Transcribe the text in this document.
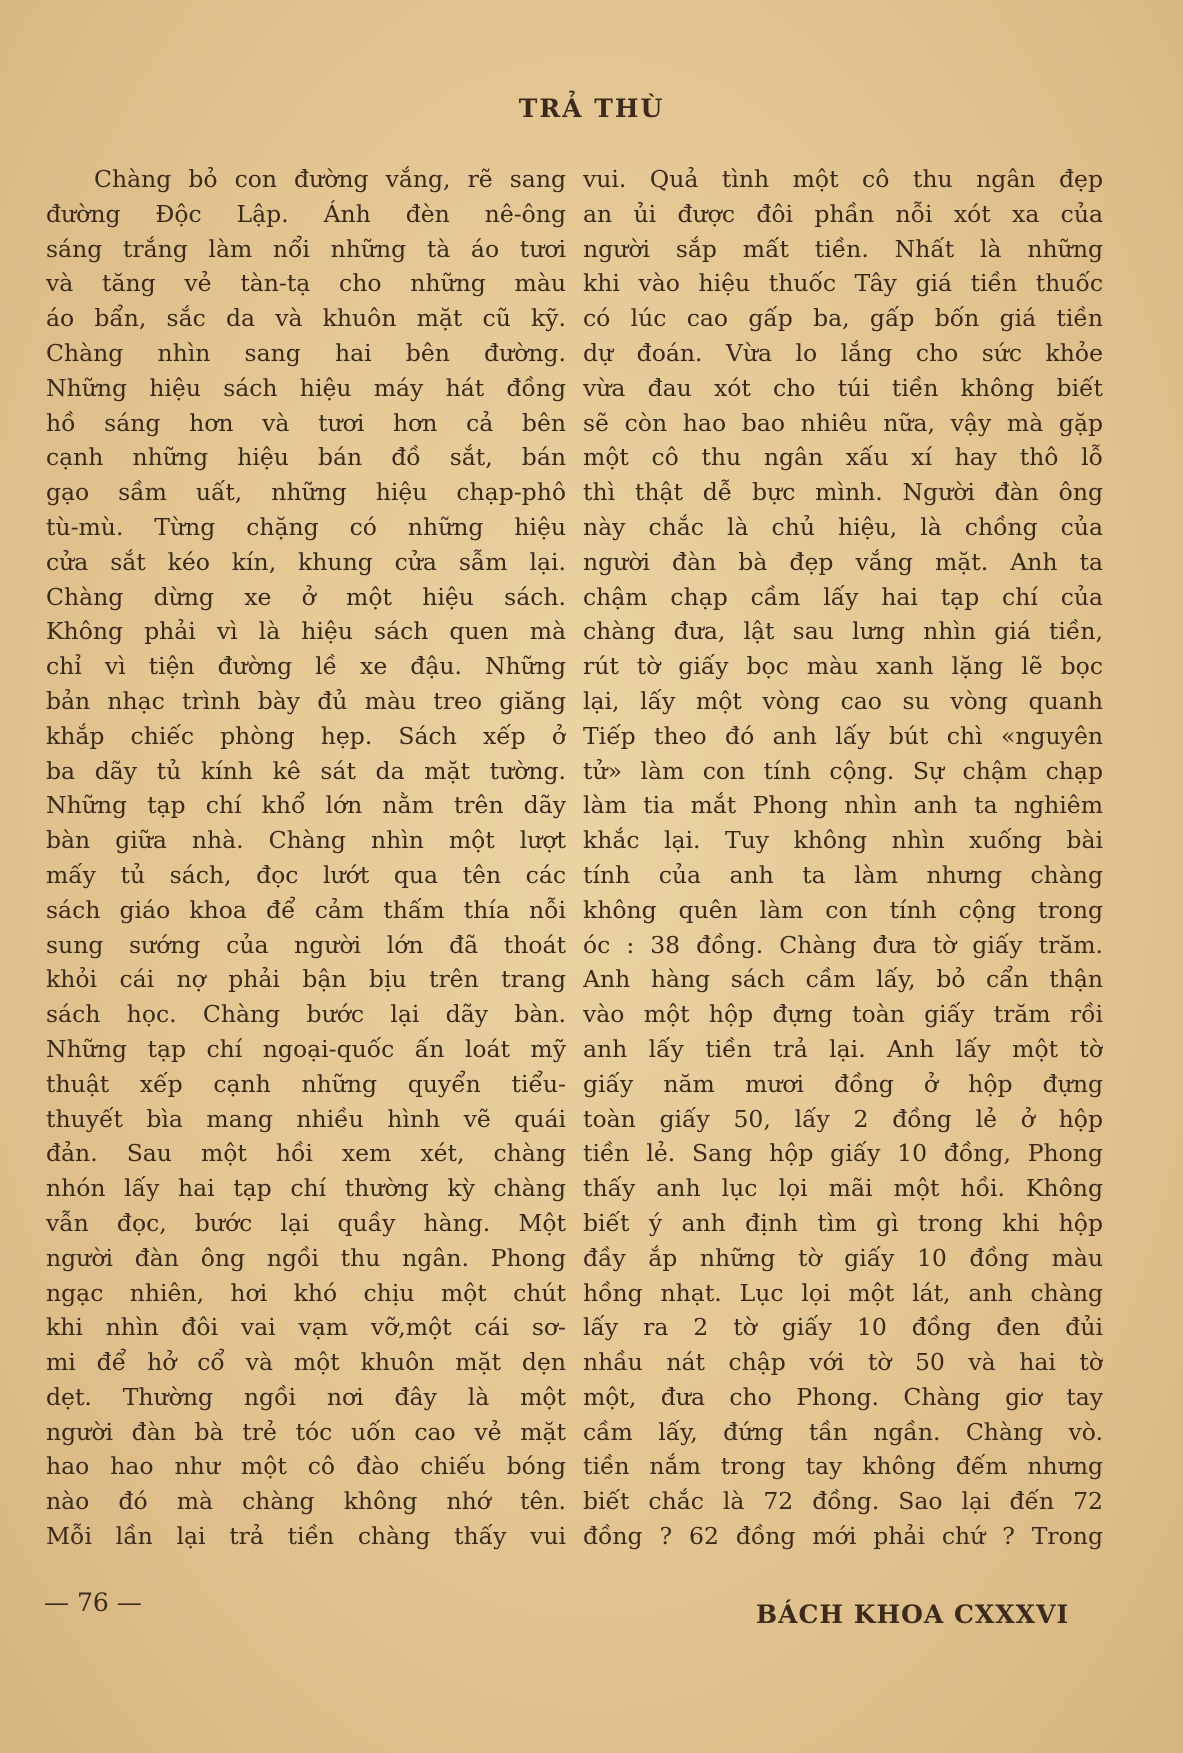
TRẢ THÙ
Chàng bỏ con đường vắng, rẽ sang
đường Độc Lập. Ánh đèn nê-ông
sáng trắng làm nổi những tà áo tươi
và tăng vẻ tàn-tạ cho những màu
áo bẩn, sắc da và khuôn mặt cũ kỹ.
Chàng nhìn sang hai bên đường.
Những hiệu sách hiệu máy hát đồng
hồ sáng hơn và tươi hơn cả bên
cạnh những hiệu bán đồ sắt, bán
gạo sầm uất, những hiệu chạp-phô
tù-mù. Từng chặng có những hiệu
cửa sắt kéo kín, khung cửa sẫm lại.
Chàng dừng xe ở một hiệu sách.
Không phải vì là hiệu sách quen mà
chỉ vì tiện đường lề xe đậu. Những
bản nhạc trình bày đủ màu treo giăng
khắp chiếc phòng hẹp. Sách xếp ở
ba dãy tủ kính kê sát da mặt tường.
Những tạp chí khổ lớn nằm trên dãy
bàn giữa nhà. Chàng nhìn một lượt
mấy tủ sách, đọc lướt qua tên các
sách giáo khoa để cảm thấm thía nỗi
sung sướng của người lớn đã thoát
khỏi cái nợ phải bận bịu trên trang
sách học. Chàng bước lại dãy bàn.
Những tạp chí ngoại-quốc ấn loát mỹ
thuật xếp cạnh những quyển tiểu-
thuyết bìa mang nhiều hình vẽ quái
đản. Sau một hồi xem xét, chàng
nhón lấy hai tạp chí thường kỳ chàng
vẫn đọc, bước lại quầy hàng. Một
người đàn ông ngồi thu ngân. Phong
ngạc nhiên, hơi khó chịu một chút
khi nhìn đôi vai vạm vỡ,một cái sơ-
mi để hở cổ và một khuôn mặt dẹn
dẹt. Thường ngồi nơi đây là một
người đàn bà trẻ tóc uốn cao vẻ mặt
hao hao như một cô đào chiếu bóng
nào đó mà chàng không nhớ tên.
Mỗi lần lại trả tiền chàng thấy vui
vui. Quả tình một cô thu ngân đẹp
an ủi được đôi phần nỗi xót xa của
người sắp mất tiền. Nhất là những
khi vào hiệu thuốc Tây giá tiền thuốc
có lúc cao gấp ba, gấp bốn giá tiền
dự đoán. Vừa lo lắng cho sức khỏe
vừa đau xót cho túi tiền không biết
sẽ còn hao bao nhiêu nữa, vậy mà gặp
một cô thu ngân xấu xí hay thô lỗ
thì thật dễ bực mình. Người đàn ông
này chắc là chủ hiệu, là chồng của
người đàn bà đẹp vắng mặt. Anh ta
chậm chạp cầm lấy hai tạp chí của
chàng đưa, lật sau lưng nhìn giá tiền,
rút tờ giấy bọc màu xanh lặng lẽ bọc
lại, lấy một vòng cao su vòng quanh
Tiếp theo đó anh lấy bút chì «nguyên
tử» làm con tính cộng. Sự chậm chạp
làm tia mắt Phong nhìn anh ta nghiêm
khắc lại. Tuy không nhìn xuống bài
tính của anh ta làm nhưng chàng
không quên làm con tính cộng trong
óc : 38 đồng. Chàng đưa tờ giấy trăm.
Anh hàng sách cầm lấy, bỏ cẩn thận
vào một hộp đựng toàn giấy trăm rồi
anh lấy tiền trả lại. Anh lấy một tờ
giấy năm mươi đồng ở hộp đựng
toàn giấy 50, lấy 2 đồng lẻ ở hộp
tiền lẻ. Sang hộp giấy 10 đồng, Phong
thấy anh lục lọi mãi một hồi. Không
biết ý anh định tìm gì trong khi hộp
đầy ắp những tờ giấy 10 đồng màu
hồng nhạt. Lục lọi một lát, anh chàng
lấy ra 2 tờ giấy 10 đồng đen đủi
nhầu nát chập với tờ 50 và hai tờ
một, đưa cho Phong. Chàng giơ tay
cầm lấy, đứng tần ngần. Chàng vò.
tiền nắm trong tay không đếm nhưng
biết chắc là 72 đồng. Sao lại đến 72
đồng ? 62 đồng mới phải chứ ? Trong
— 76 —	BÁCH KHOA CXXXVI
